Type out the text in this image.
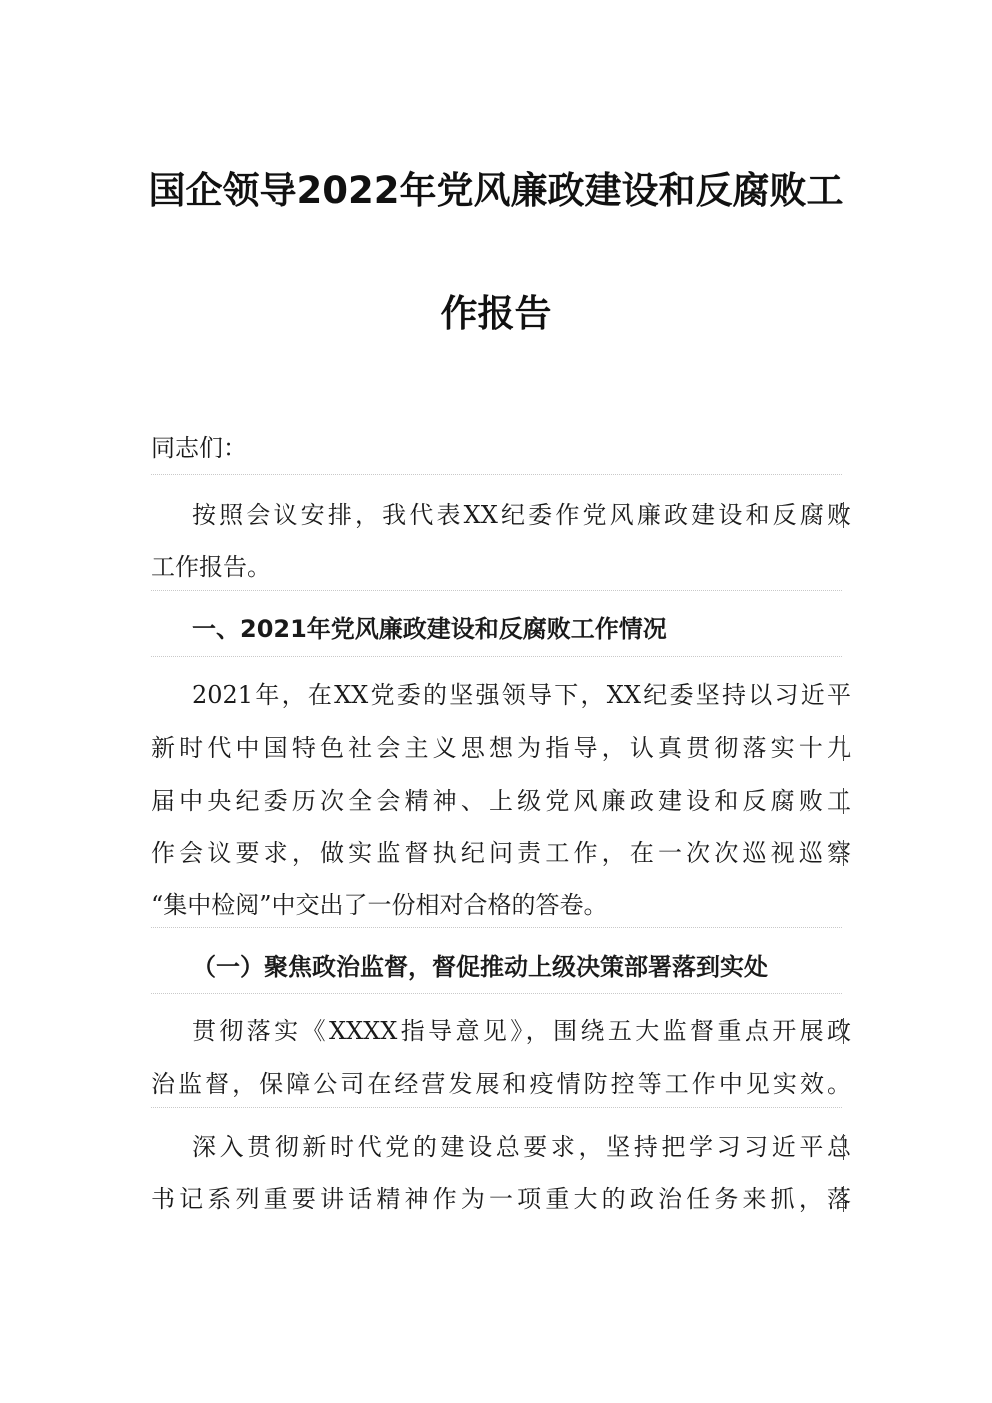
国企领导2022年党风廉政建设和反腐败工
作报告
同志们：
按照会议安排，我代表XX纪委作党风廉政建设和反腐败
工作报告。
一、2021年党风廉政建设和反腐败工作情况
2021年，在XX党委的坚强领导下，XX纪委坚持以习近平
新时代中国特色社会主义思想为指导，认真贯彻落实十九
届中央纪委历次全会精神、上级党风廉政建设和反腐败工
作会议要求，做实监督执纪问责工作，在一次次巡视巡察
“集中检阅”中交出了一份相对合格的答卷。
（一）聚焦政治监督，督促推动上级决策部署落到实处
贯彻落实《XXXX指导意见》，围绕五大监督重点开展政
治监督，保障公司在经营发展和疫情防控等工作中见实效。
深入贯彻新时代党的建设总要求，坚持把学习习近平总
书记系列重要讲话精神作为一项重大的政治任务来抓，落
